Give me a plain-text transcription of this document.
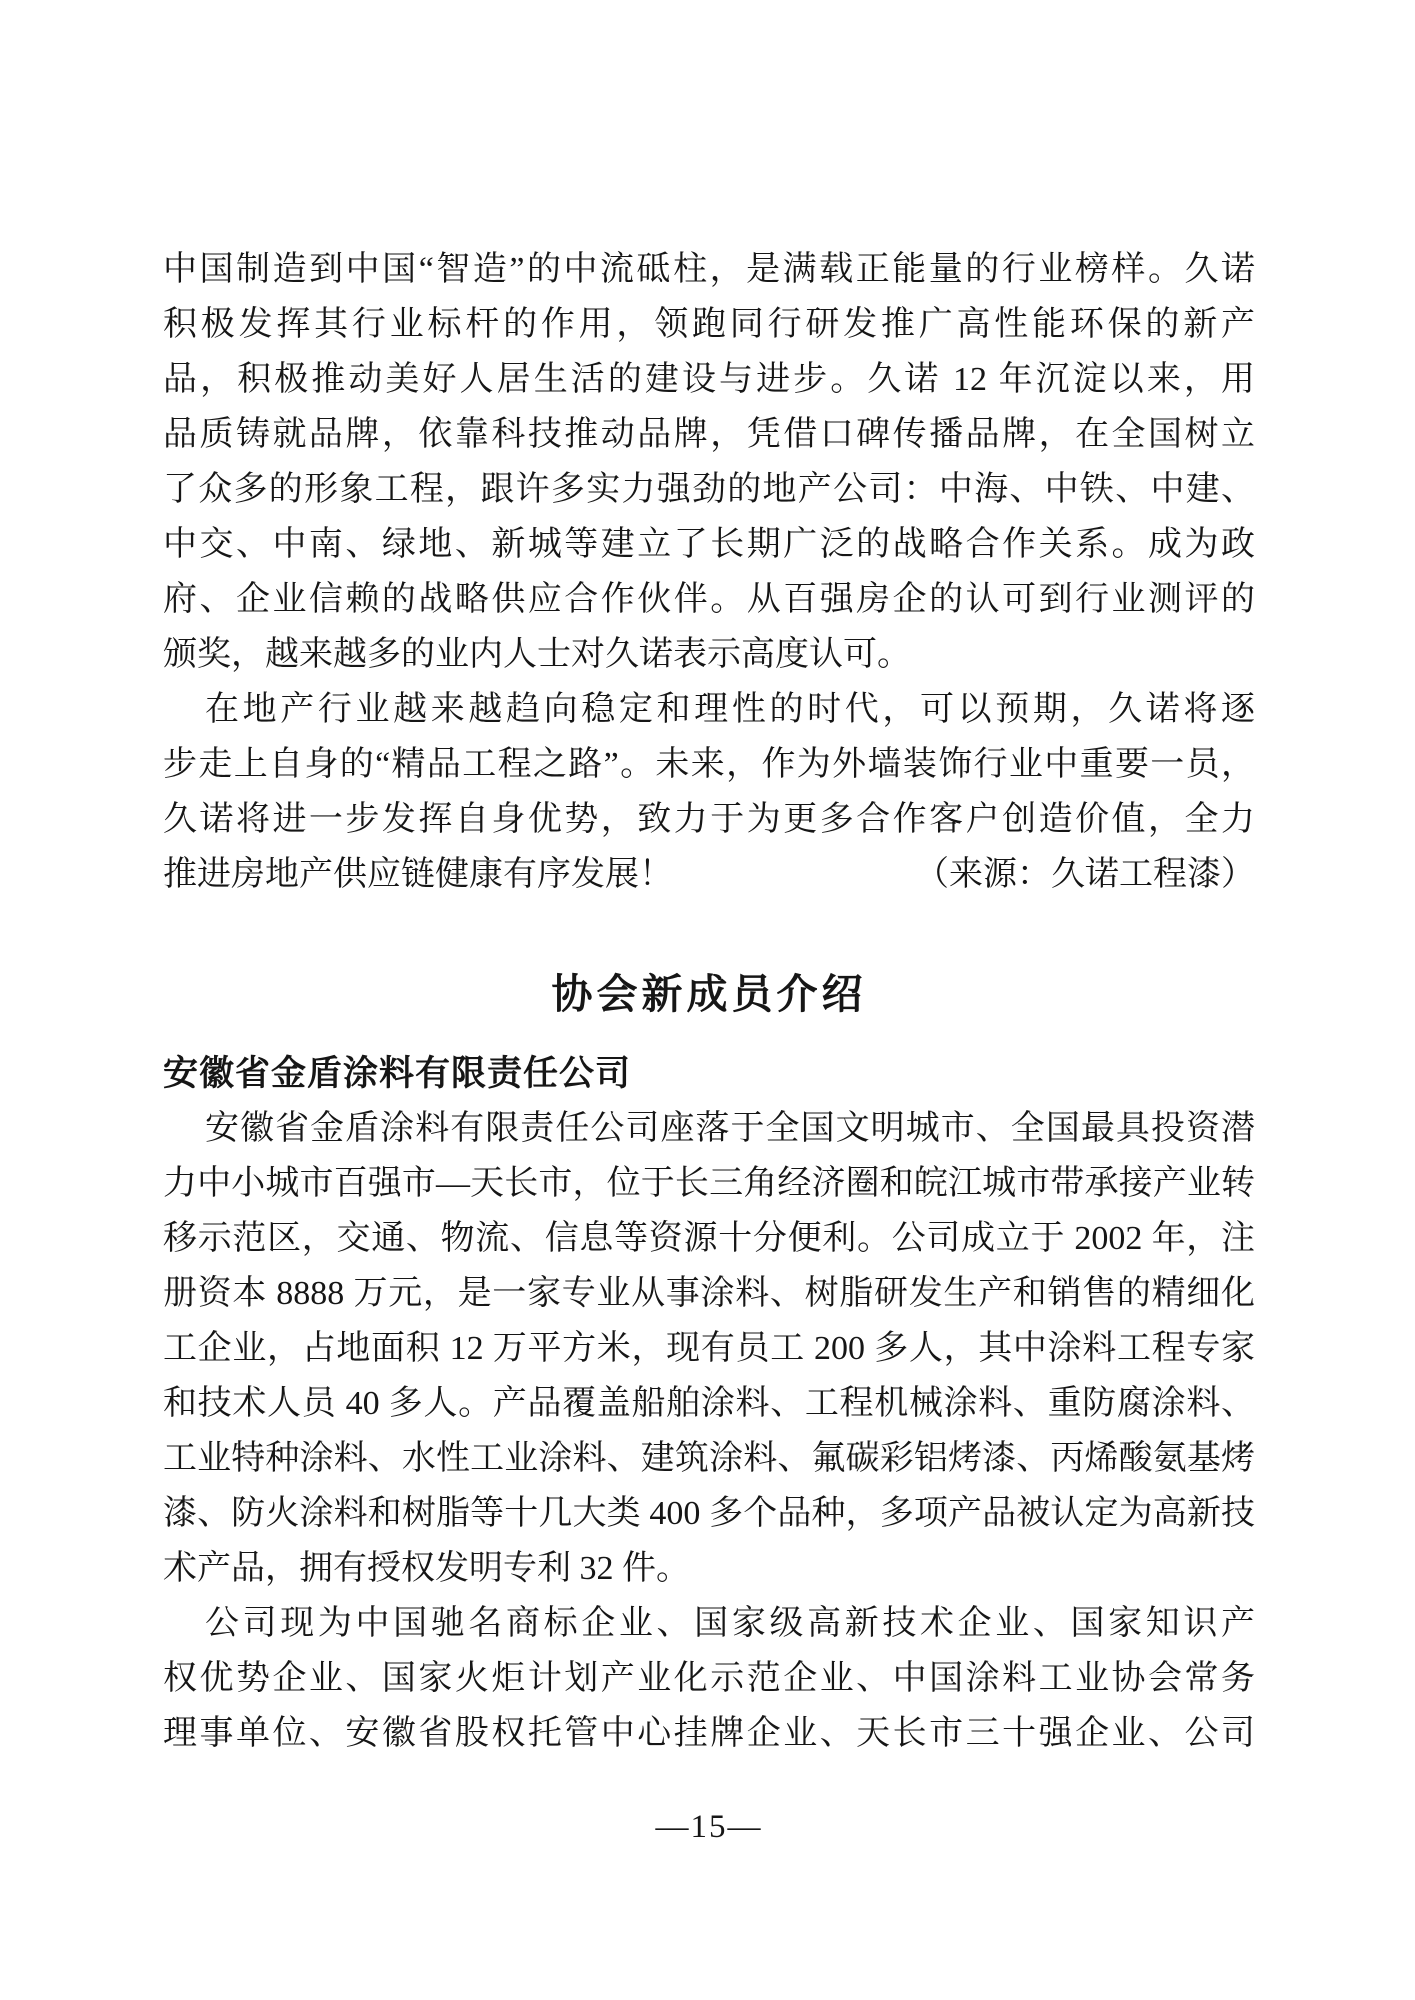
中国制造到中国“智造”的中流砥柱，是满载正能量的行业榜样。久诺
积极发挥其行业标杆的作用，领跑同行研发推广高性能环保的新产
品，积极推动美好人居生活的建设与进步。久诺 12 年沉淀以来，用
品质铸就品牌，依靠科技推动品牌，凭借口碑传播品牌，在全国树立
了众多的形象工程，跟许多实力强劲的地产公司：中海、中铁、中建、
中交、中南、绿地、新城等建立了长期广泛的战略合作关系。成为政
府、企业信赖的战略供应合作伙伴。从百强房企的认可到行业测评的
颁奖，越来越多的业内人士对久诺表示高度认可。
在地产行业越来越趋向稳定和理性的时代，可以预期，久诺将逐
步走上自身的“精品工程之路”。未来，作为外墙装饰行业中重要一员，
久诺将进一步发挥自身优势，致力于为更多合作客户创造价值，全力
推进房地产供应链健康有序发展！	（来源：久诺工程漆）
协会新成员介绍
安徽省金盾涂料有限责任公司
安徽省金盾涂料有限责任公司座落于全国文明城市、全国最具投资潜
力中小城市百强市—天长市，位于长三角经济圈和皖江城市带承接产业转
移示范区，交通、物流、信息等资源十分便利。公司成立于 2002 年，注
册资本 8888 万元，是一家专业从事涂料、树脂研发生产和销售的精细化
工企业，占地面积 12 万平方米，现有员工 200 多人，其中涂料工程专家
和技术人员 40 多人。产品覆盖船舶涂料、工程机械涂料、重防腐涂料、
工业特种涂料、水性工业涂料、建筑涂料、氟碳彩铝烤漆、丙烯酸氨基烤
漆、防火涂料和树脂等十几大类 400 多个品种，多项产品被认定为高新技
术产品，拥有授权发明专利 32 件。
公司现为中国驰名商标企业、国家级高新技术企业、国家知识产
权优势企业、国家火炬计划产业化示范企业、中国涂料工业协会常务
理事单位、安徽省股权托管中心挂牌企业、天长市三十强企业、公司
—15—
